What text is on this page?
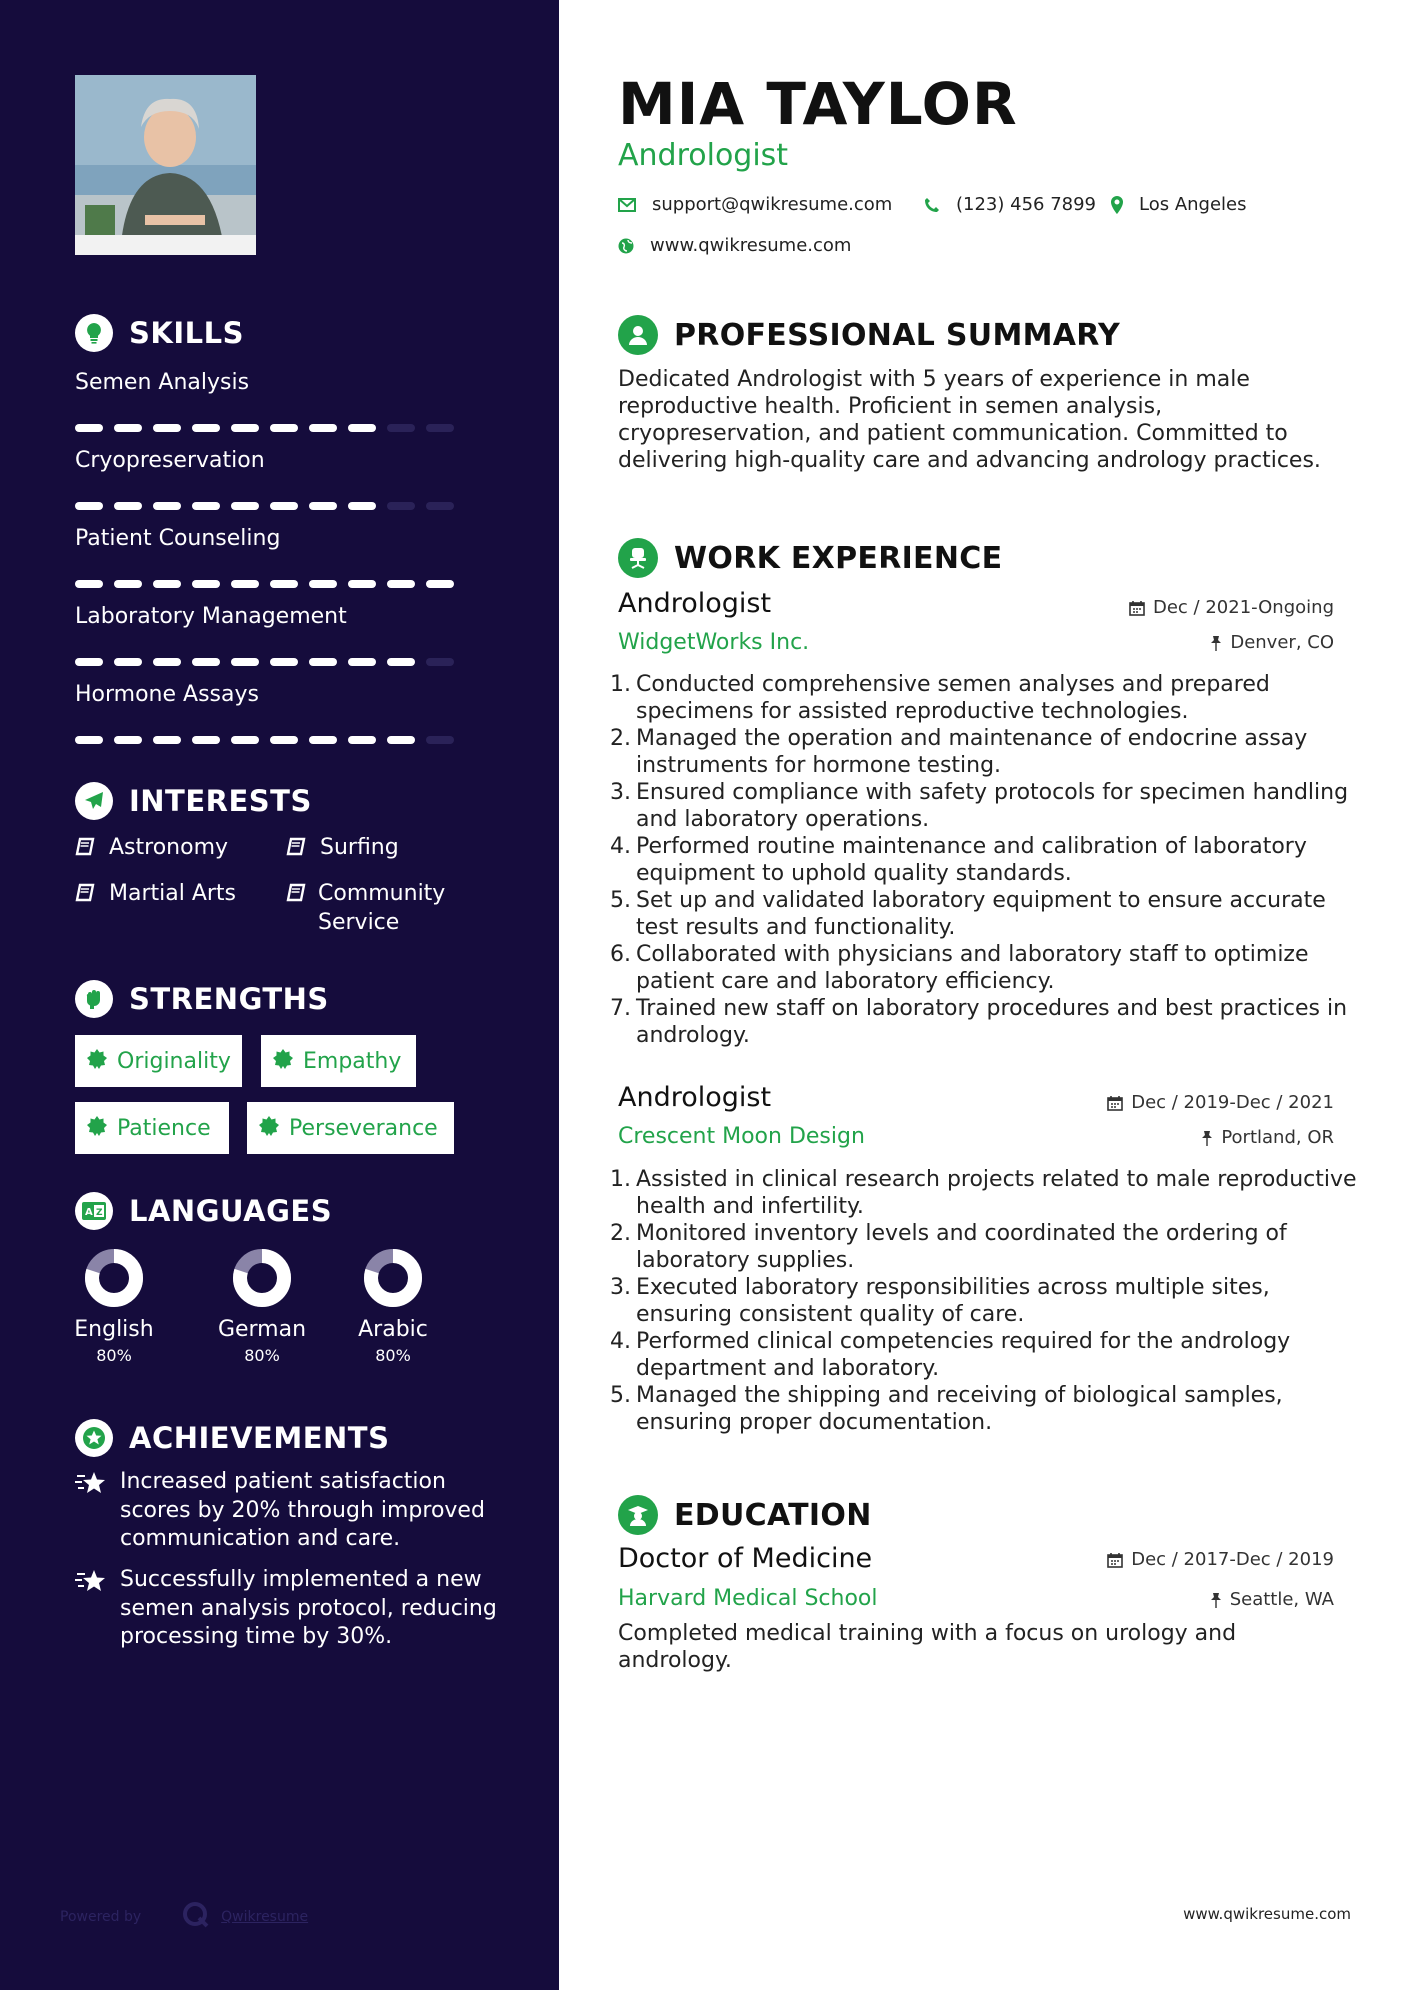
SKILLS
Semen Analysis
Cryopreservation
Patient Counseling
Laboratory Management
Hormone Assays
INTERESTS
Astronomy	Surfing
Martial Arts	Community Service
STRENGTHS
Originality	Empathy
Patience	Perseverance
A Z LANGUAGES
English
80%
German
80%
Arabic
80%
ACHIEVEMENTS
Increased patient satisfaction scores by 20% through improved communication and care.
Successfully implemented a new semen analysis protocol, reducing processing time by 30%.
Powered by	Qwikresume
MIA TAYLOR
Andrologist
support@qwikresume.com	(123) 456 7899 Los Angeles
www.qwikresume.com
PROFESSIONAL SUMMARY
Dedicated Andrologist with 5 years of experience in male reproductive health. Proficient in semen analysis, cryopreservation, and patient communication. Committed to delivering high-quality care and advancing andrology practices.
WORK EXPERIENCE
Andrologist	Dec / 2021-Ongoing
WidgetWorks Inc.	Denver, CO
1. Conducted comprehensive semen analyses and prepared specimens for assisted reproductive technologies.
2. Managed the operation and maintenance of endocrine assay instruments for hormone testing.
3. Ensured compliance with safety protocols for specimen handling and laboratory operations.
4. Performed routine maintenance and calibration of laboratory equipment to uphold quality standards.
5. Set up and validated laboratory equipment to ensure accurate test results and functionality.
6. Collaborated with physicians and laboratory staff to optimize patient care and laboratory efficiency.
7. Trained new staff on laboratory procedures and best practices in andrology.
Andrologist	Dec / 2019-Dec / 2021
Crescent Moon Design	Portland, OR
1. Assisted in clinical research projects related to male reproductive health and infertility.
2. Monitored inventory levels and coordinated the ordering of laboratory supplies.
3. Executed laboratory responsibilities across multiple sites, ensuring consistent quality of care.
4. Performed clinical competencies required for the andrology department and laboratory.
5. Managed the shipping and receiving of biological samples, ensuring proper documentation.
EDUCATION
Doctor of Medicine	Dec / 2017-Dec / 2019
Harvard Medical School	Seattle, WA
Completed medical training with a focus on urology and andrology.
www.qwikresume.com
